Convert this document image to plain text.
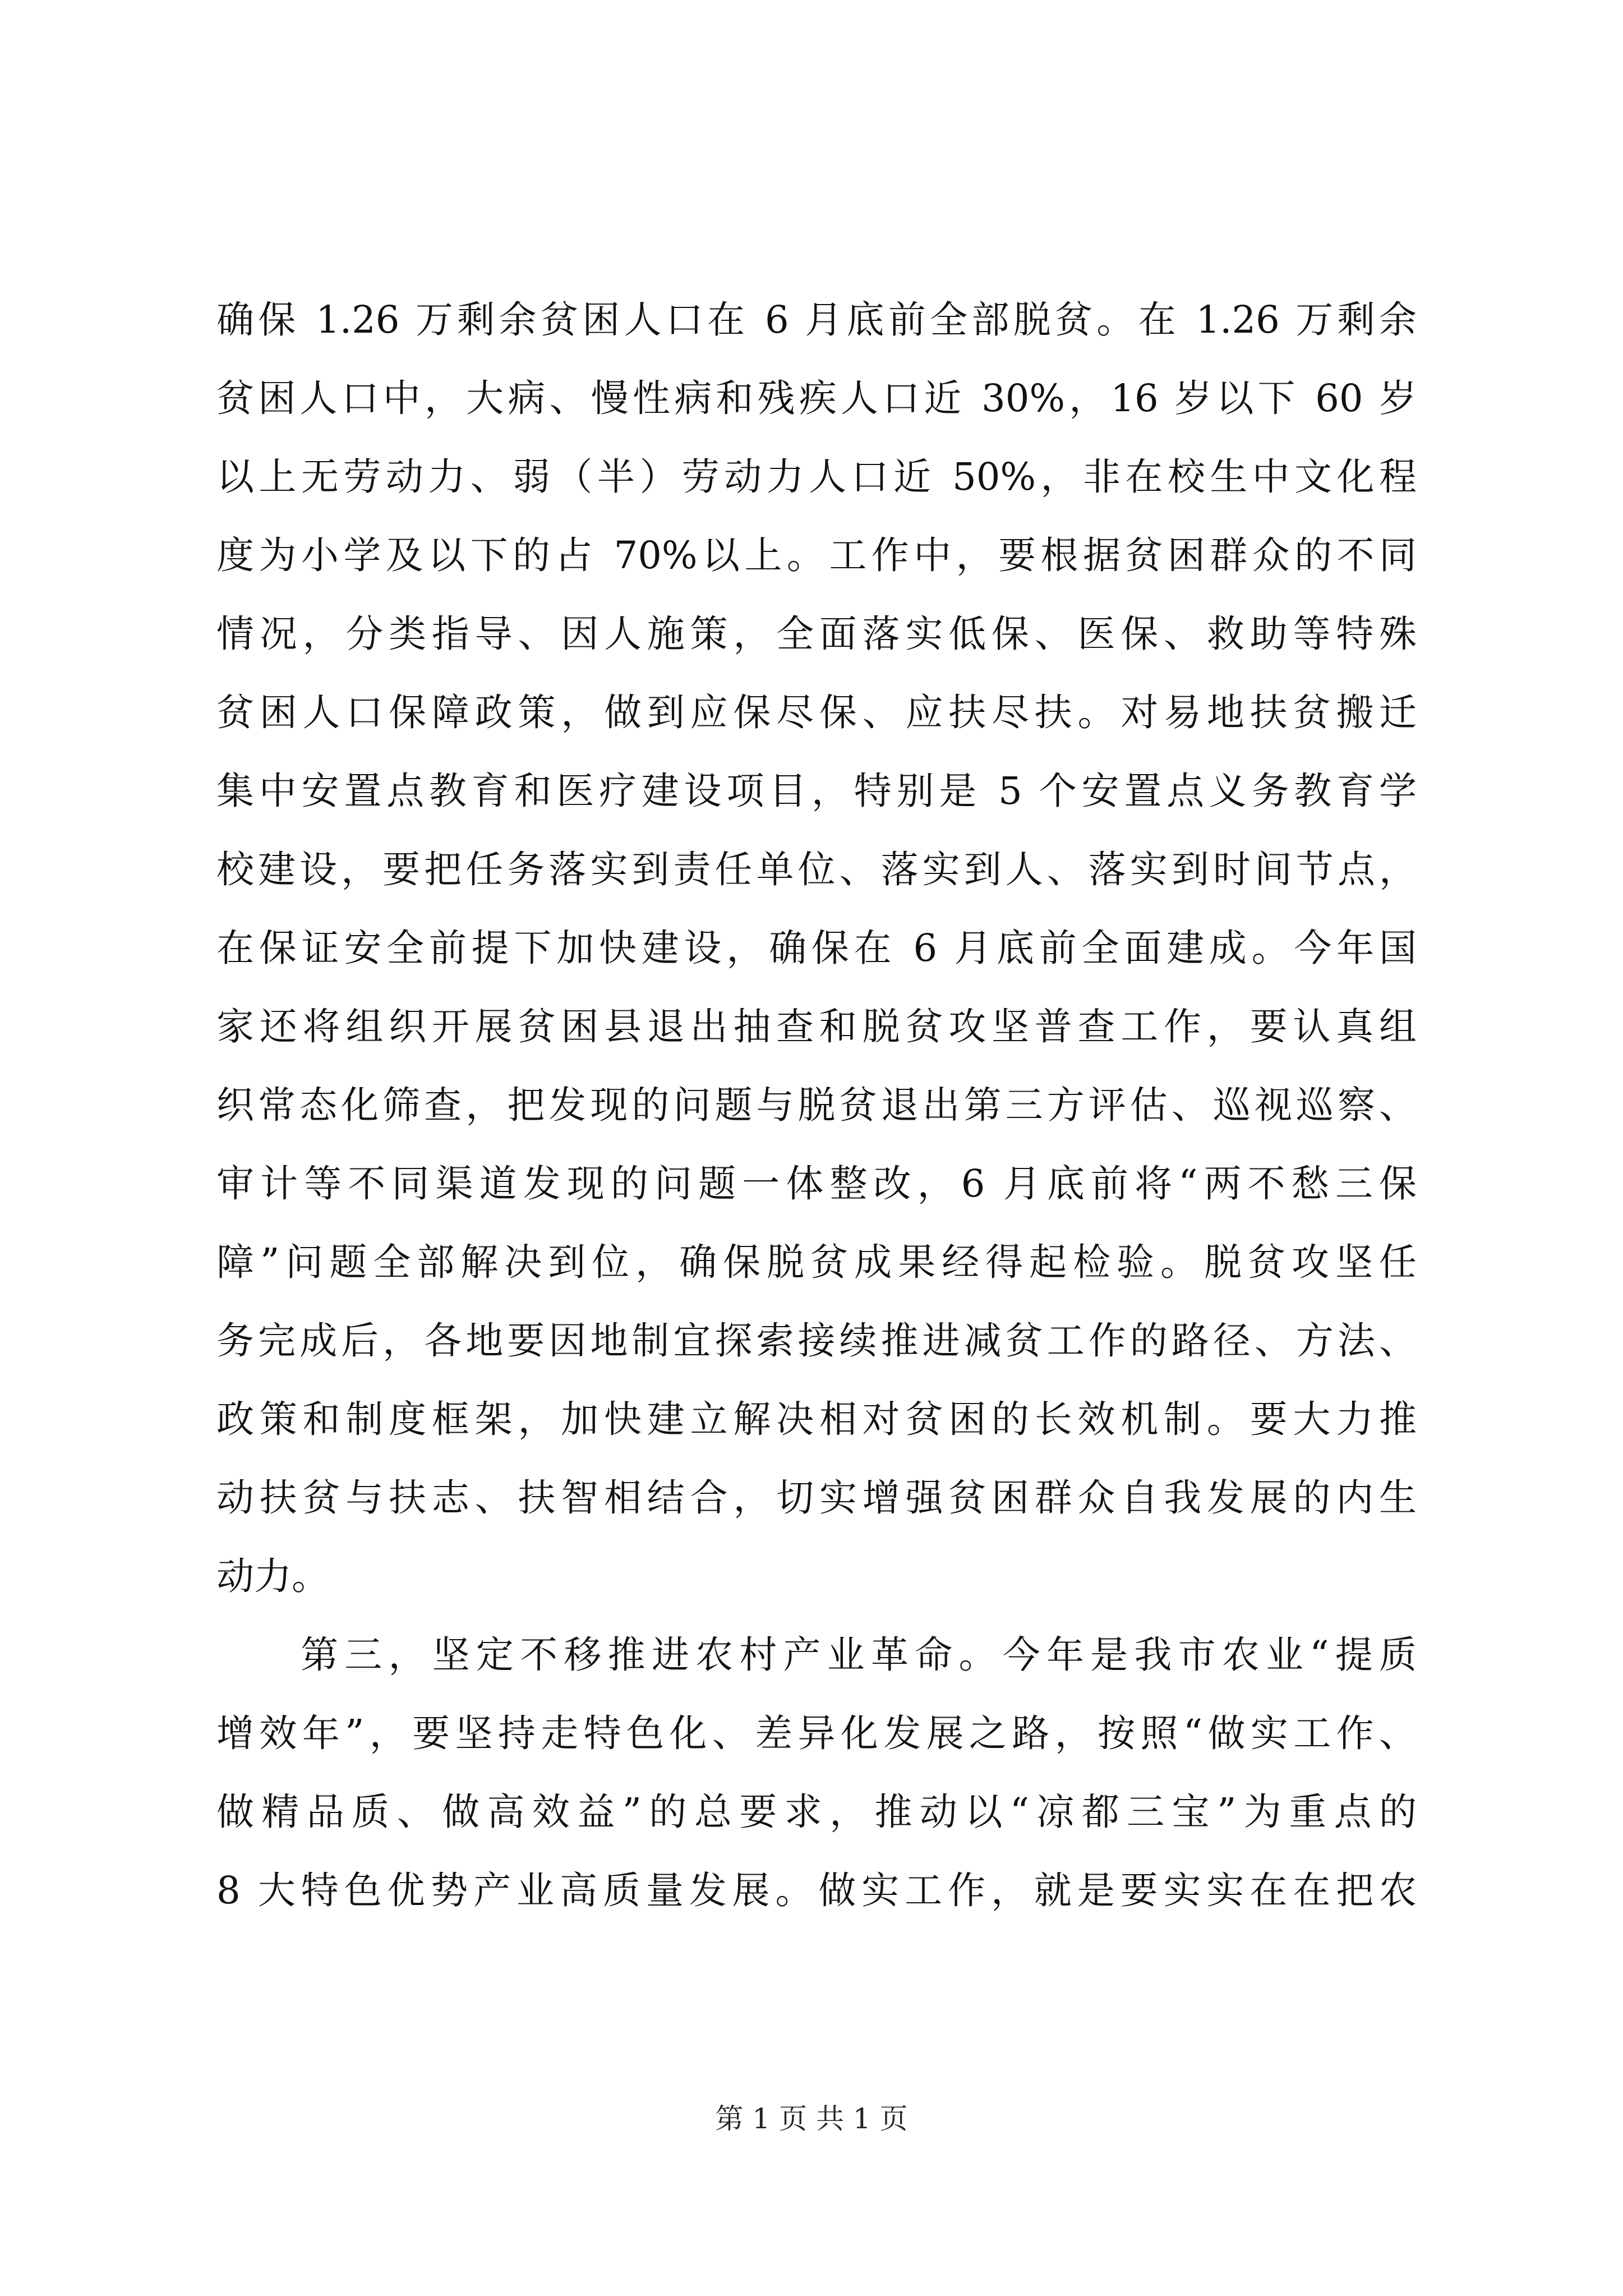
确保 1.26 万剩余贫困人口在 6 月底前全部脱贫。在 1.26 万剩余
贫困人口中，大病、慢性病和残疾人口近 30%，16 岁以下 60 岁
以上无劳动力、弱（半）劳动力人口近 50%，非在校生中文化程
度为小学及以下的占 70%以上。工作中，要根据贫困群众的不同
情况，分类指导、因人施策，全面落实低保、医保、救助等特殊
贫困人口保障政策，做到应保尽保、应扶尽扶。对易地扶贫搬迁
集中安置点教育和医疗建设项目，特别是 5 个安置点义务教育学
校建设，要把任务落实到责任单位、落实到人、落实到时间节点，
在保证安全前提下加快建设，确保在 6 月底前全面建成。今年国
家还将组织开展贫困县退出抽查和脱贫攻坚普查工作，要认真组
织常态化筛查，把发现的问题与脱贫退出第三方评估、巡视巡察、
审计等不同渠道发现的问题一体整改，6 月底前将“两不愁三保
障”问题全部解决到位，确保脱贫成果经得起检验。脱贫攻坚任
务完成后，各地要因地制宜探索接续推进减贫工作的路径、方法、
政策和制度框架，加快建立解决相对贫困的长效机制。要大力推
动扶贫与扶志、扶智相结合，切实增强贫困群众自我发展的内生
动力。
第三，坚定不移推进农村产业革命。今年是我市农业“提质
增效年”，要坚持走特色化、差异化发展之路，按照“做实工作、
做精品质、做高效益”的总要求，推动以“凉都三宝”为重点的
8 大特色优势产业高质量发展。做实工作，就是要实实在在把农
第 1 页 共 1 页
